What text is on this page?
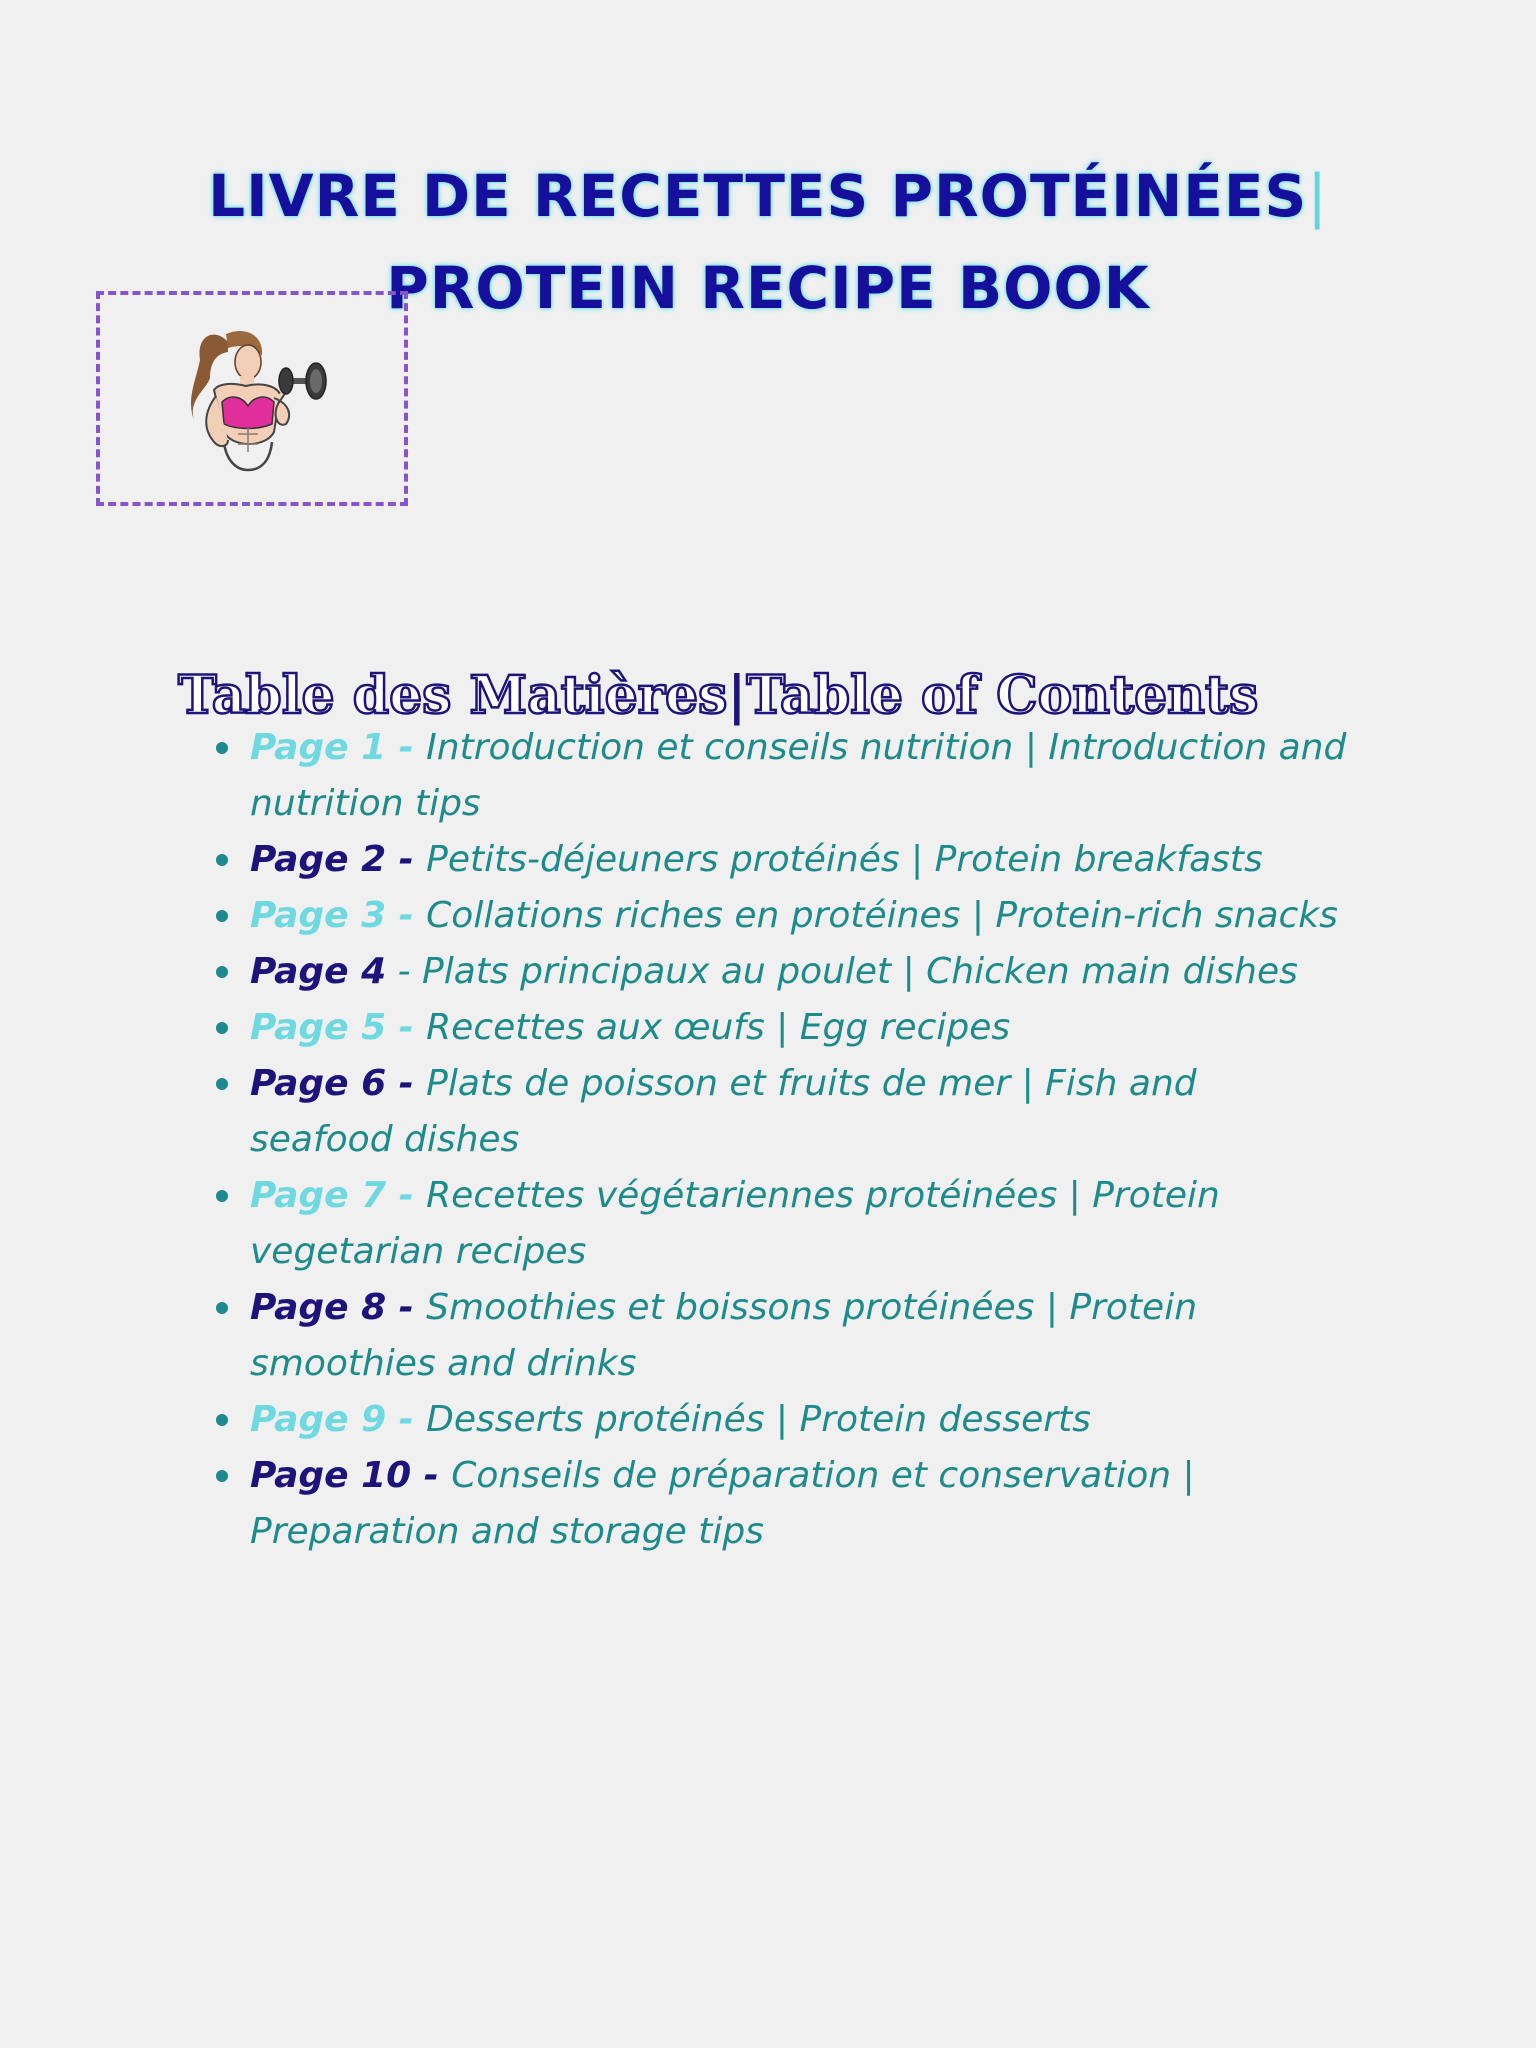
LIVRE DE RECETTES PROTÉINÉES|
PROTEIN RECIPE BOOK
Table des Matières|Table of Contents
Page 1 - Introduction et conseils nutrition | Introduction and nutrition tips
Page 2 - Petits-déjeuners protéinés | Protein breakfasts
Page 3 - Collations riches en protéines | Protein-rich snacks
Page 4 - Plats principaux au poulet | Chicken main dishes
Page 5 - Recettes aux œufs | Egg recipes
Page 6 - Plats de poisson et fruits de mer | Fish and seafood dishes
Page 7 - Recettes végétariennes protéinées | Protein vegetarian recipes
Page 8 - Smoothies et boissons protéinées | Protein smoothies and drinks
Page 9 - Desserts protéinés | Protein desserts
Page 10 - Conseils de préparation et conservation | Preparation and storage tips
